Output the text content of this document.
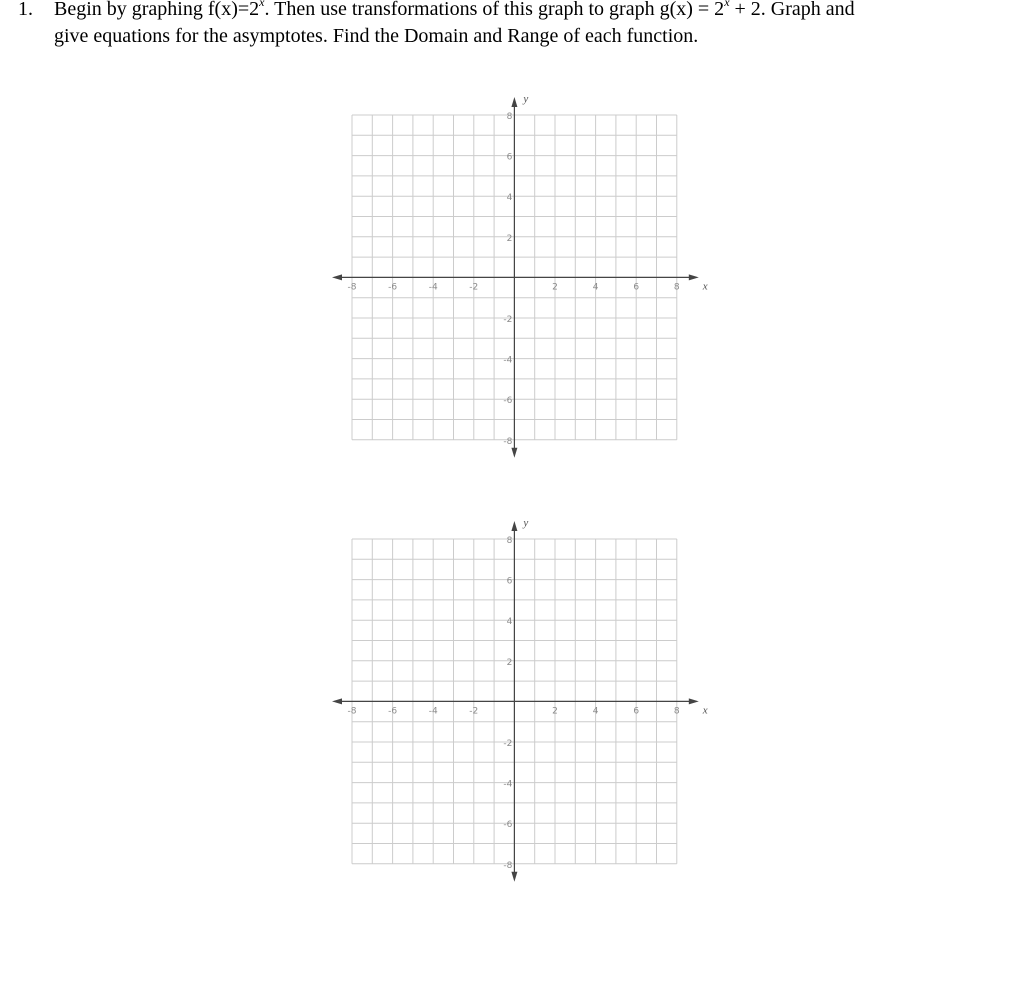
1. Begin by graphing $f(x)=2^x$. Then use transformations of this graph to graph $g(x) = 2^x + 2$. Graph and
give equations for the asymptotes. Find the Domain and Range of each function.
-8	-6	-4	-2	2	4	6	8
8
6
4
2
-2
-4
-6
-8
x
y
-8	-6	-4	-2	2	4	6	8
8
6
4
2
-2
-4
-6
-8
x
y
